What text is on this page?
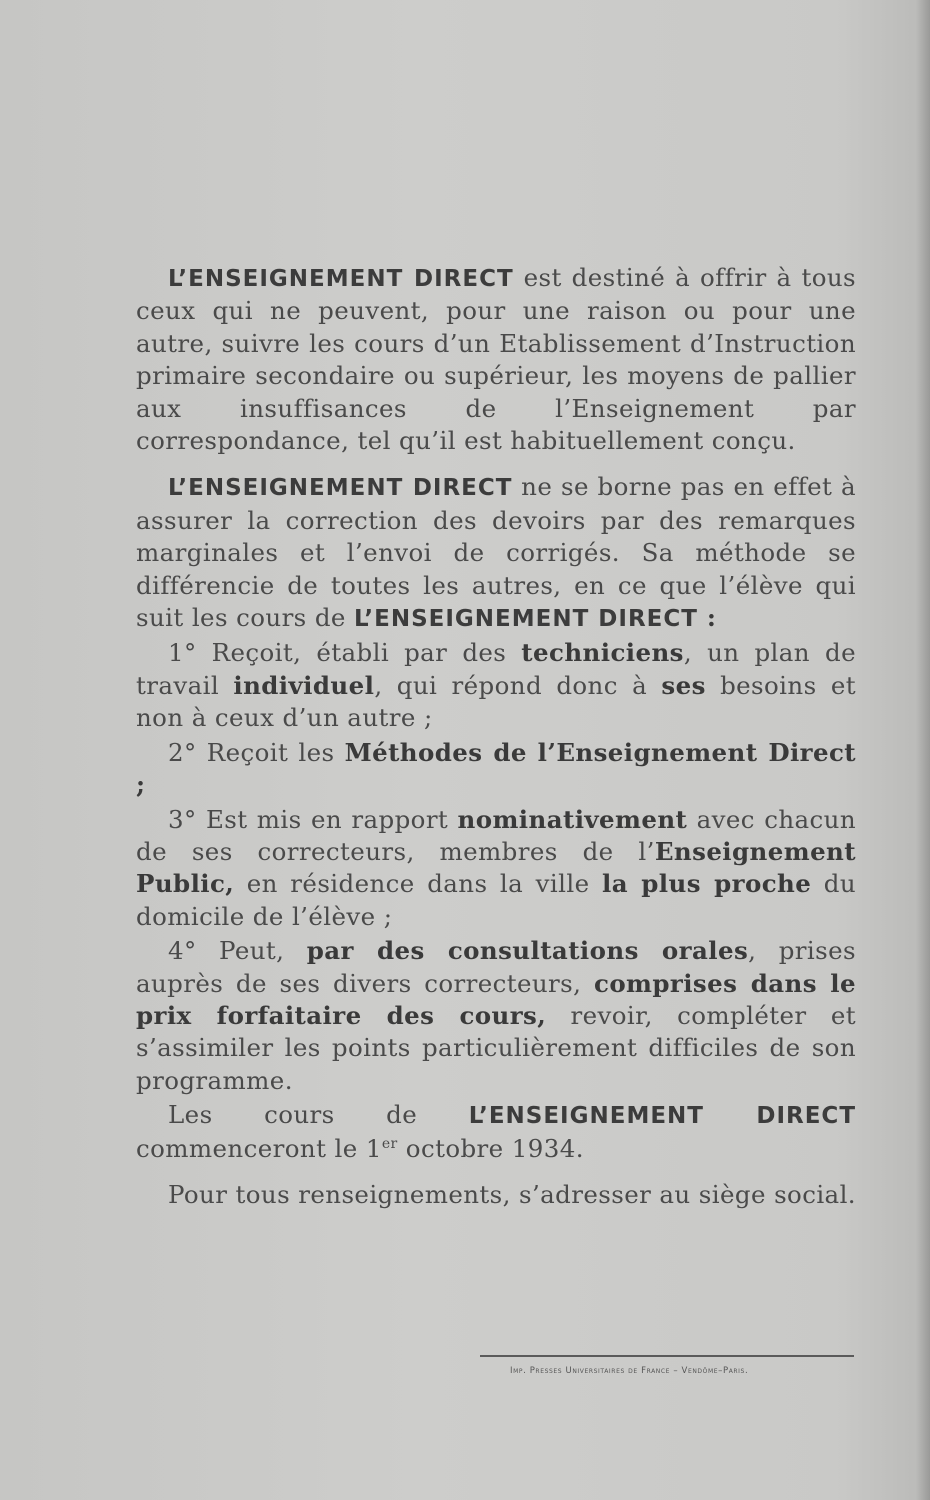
L’ENSEIGNEMENT DIRECT est destiné à offrir à tous ceux qui ne peuvent, pour une raison ou pour une autre, suivre les cours d’un Etablissement d’Instruction primaire secondaire ou supérieur, les moyens de pallier aux insuffisances de l’Enseignement par correspondance, tel qu’il est habituellement conçu.

L’ENSEIGNEMENT DIRECT ne se borne pas en effet à assurer la correction des devoirs par des remarques marginales et l’envoi de corrigés. Sa méthode se différencie de toutes les autres, en ce que l’élève qui suit les cours de L’ENSEIGNEMENT DIRECT :

1° Reçoit, établi par des techniciens, un plan de travail individuel, qui répond donc à ses besoins et non à ceux d’un autre ;

2° Reçoit les Méthodes de l’Enseignement Direct ;

3° Est mis en rapport nominativement avec chacun de ses correcteurs, membres de l’Enseignement Public, en résidence dans la ville la plus proche du domicile de l’élève ;

4° Peut, par des consultations orales, prises auprès de ses divers correcteurs, comprises dans le prix forfaitaire des cours, revoir, compléter et s’assimiler les points particulièrement difficiles de son programme.

Les cours de L’ENSEIGNEMENT DIRECT commenceront le 1er octobre 1934.

Pour tous renseignements, s’adresser au siège social.

Imp. Presses Universitaires de France – Vendôme–Paris.
